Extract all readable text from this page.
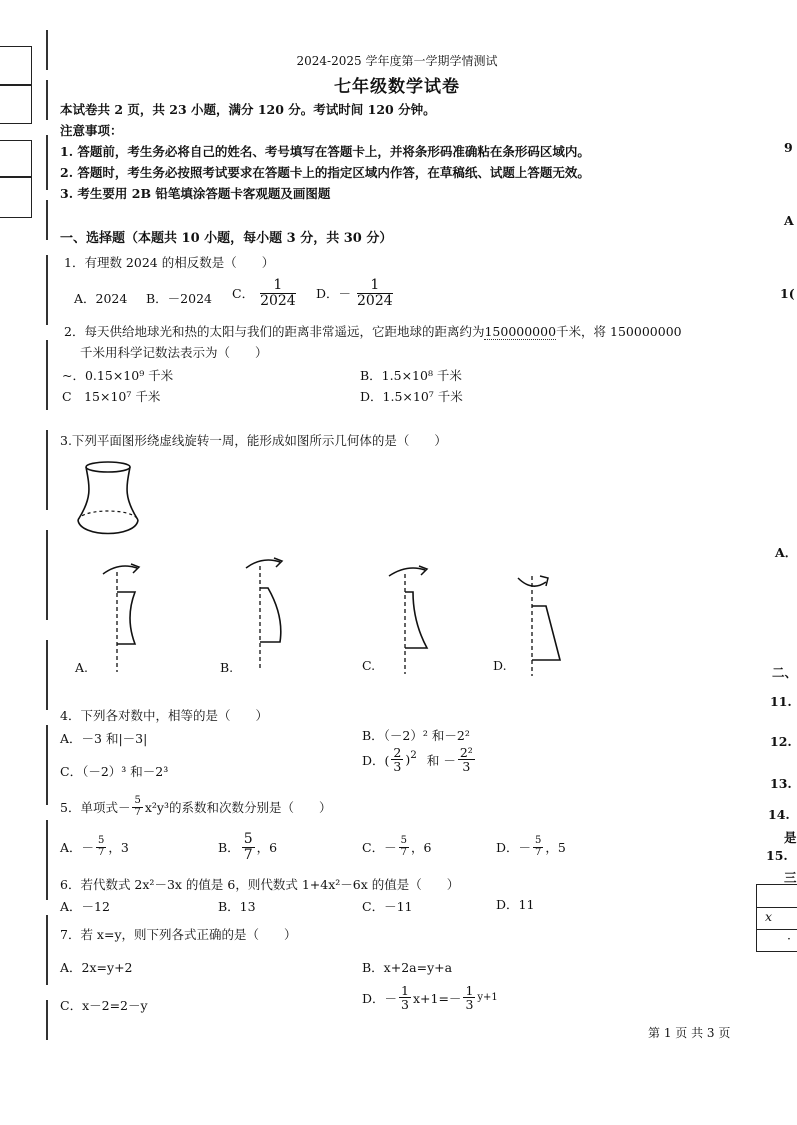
2024-2025 学年度第一学期学情测试
七年级数学试卷
本试卷共 2 页，共 23 小题，满分 120 分。考试时间 120 分钟。
注意事项：
1. 答题前，考生务必将自己的姓名、考号填写在答题卡上，并将条形码准确粘在条形码区域内。
2. 答题时，考生务必按照考试要求在答题卡上的指定区域内作答，在草稿纸、试题上答题无效。
3. 考生要用 2B 铅笔填涂答题卡客观题及画图题
一、选择题（本题共 10 小题，每小题 3 分，共 30 分）
1．有理数 2024 的相反数是（　　）
A．2024 B．－2024 C． $\frac{1}{2024}$ D．－ $\frac{1}{2024}$
2．每天供给地球光和热的太阳与我们的距离非常遥远，它距地球的距离约为150000000千米，将 150000000
千米用科学记数法表示为（　　）
~．0.15×10⁹ 千米	B．1.5×10⁸ 千米
C　15×10⁷ 千米	D．1.5×10⁷ 千米
3.下列平面图形绕虚线旋转一周，能形成如图所示几何体的是（　　）
A.	B.	C.	D.
4．下列各对数中，相等的是（　　）
A．－3 和|－3|	B．（－2）² 和－2²
C．（－2）³ 和－2³
D．( $\frac{2}{3} )^2$ 和 － $\frac{\text{2²}}{3}$
5．单项式－ $\frac{5}{7} x^2y^3$的系数和次数分别是（　　）
A．－ $\frac{5}{7}$ ，3	B． $\frac{5}{7}$ ，6	C．－ $\frac{5}{7}$ ，6	D．－ $\frac{5}{7}$ ，5
6．若代数式 2x²－3x 的值是 6，则代数式 1+4x²－6x 的值是（　　）
A．－12	B．13	C．－11	D．11
7．若 x=y，则下列各式正确的是（　　）
A．2x=y+2	B．x+2a=y+a
C．x－2=2－y	D．－ $\frac{1}{3} x+1=- \frac{1}{3} y+1$
第 1 页 共 3 页
9
A
1(
A．
二、
11.
12.
13.
14.
是
15.
三
x
·
